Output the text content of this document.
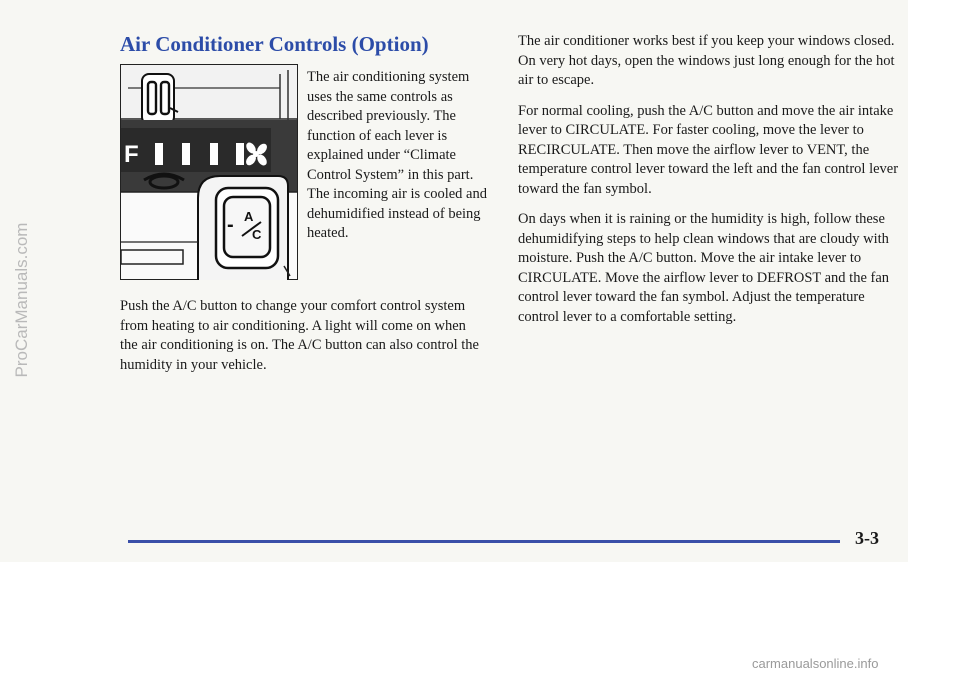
ProCarManuals.com
Air Conditioner Controls (Option)
F
- A
C

The air conditioning system uses the same controls as described previously. The function of each lever is explained under “Climate Control System” in this part. The incoming air is cooled and dehumidified instead of being heated.

Push the A/C button to change your comfort control system from heating to air conditioning. A light will come on when the air conditioning is on. The A/C button can also control the humidity in your vehicle.

The air conditioner works best if you keep your windows closed. On very hot days, open the windows just long enough for the hot air to escape.

For normal cooling, push the A/C button and move the air intake lever to CIRCULATE. For faster cooling, move the lever to RECIRCULATE. Then move the airflow lever to VENT, the temperature control lever toward the left and the fan control lever toward the fan symbol.

On days when it is raining or the humidity is high, follow these dehumidifying steps to help clean windows that are cloudy with moisture. Push the A/C button. Move the air intake lever to CIRCULATE. Move the airflow lever to DEFROST and the fan control lever toward the fan symbol. Adjust the temperature control lever to a comfortable setting.

3-3
carmanualsonline.info
